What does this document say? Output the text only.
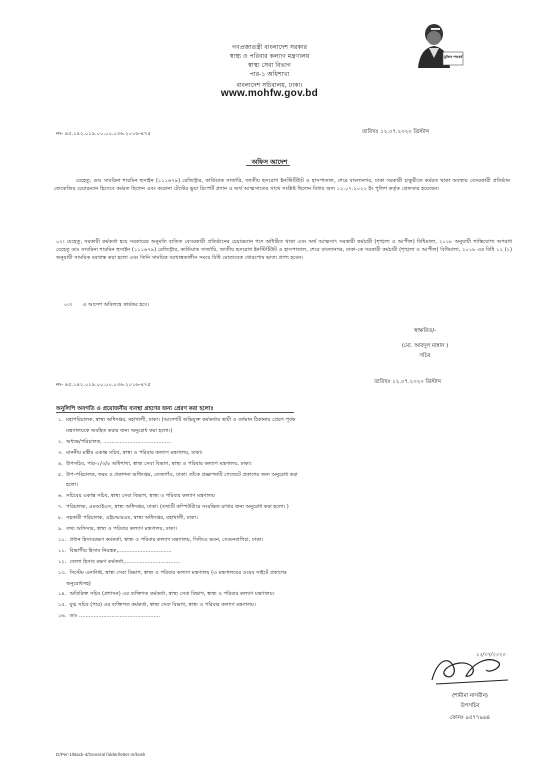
গণপ্রজাতন্ত্রী বাংলাদেশ সরকার
স্বাস্থ্য ও পরিবার কল্যাণ মন্ত্রণালয়
স্বাস্থ্য সেবা বিভাগ
পার-১ অধিশাখা
বাংলাদেশ সচিবালয়, ঢাকা।
www.mohfw.gov.bd
মুজিব শতবর্ষ
নং- ৪৫.১৪২.০১৯.০০.০০.০৩৬.২০১৬-৪৭৫	তারিখঃ ১২.০৭.২০২০ খ্রিস্টাব্দ
অফিস আদেশ
যেহেতু, ডাঃ সাবরিনা শারমিন হুসাইন (১১১৬৭৯) রেজিস্ট্রার, কার্ডিয়াক সার্জারি, জাতীয় হৃদরোগ ইনস্টিটিউট ও হাসপাতাল, শেরে বাংলানগর, ঢাকা সরকারী চাকুরীতে কর্মরত থাকা অবস্থায় বেসরকারী প্রতিষ্ঠান জেকেজির চেয়ারম্যান হিসেবে কর্মরত ছিলেন এবং করোনা টেস্টের ভুয়া রিপোর্ট প্রদান ও অর্থ আত্মসাতের সাথে সংশ্লিষ্ট ছিলেন বিধায় অদ্য ১২.০৭.২০২০ ইং পুলিশ কর্তৃক গ্রেফতার হয়েছেন।
০২। যেহেতু, সরকারী কর্মকর্তা হয়ে সরকারের অনুমতি ব্যতিত বেসরকারী প্রতিষ্ঠানের চেয়ারম্যান পদে অধিষ্ঠিত থাকা এবং অর্থ আত্মসাৎ সরকারী কর্মচারী (শৃঙ্খলা ও আপীল) বিধিমালা, ২০১৮ অনুযায়ী শাস্তিযোগ্য অপরাধ যেহেতু ডাঃ সাবরিনা শারমিন হুসাইন (১১১৬৭৯) রেজিস্ট্রার, কার্ডিয়াক সার্জারি, জাতীয় হৃদরোগ ইনস্টিটিউট ও হাসপাতাল, শেরে বাংলানগর, ঢাকা-কে সরকারী কর্মচারী (শৃঙ্খলা ও আপীল) বিধিমালা, ২০১৮ এর বিধি ১২ (১) অনুযায়ী সাময়িক বরখাস্ত করা হলো এবং তিনি সাময়িক বরখাস্তকালীন সময়ে বিধি মোতাবেক খোরপোষ ভাতা প্রাপ্য হবেন।
০৩।      এ আদেশ অবিলম্বে কার্যকর হবে।
স্বাক্ষরিত/-
(মো. আবদুল মান্নান )
সচিব
নং- ৪৫.১৪২.০১৯.০০.০০.০৩৬.২০১৬-৪৭৫	তারিখঃ ১২.০৭.২০২০ খ্রিস্টাব্দ
অনুলিপি অবগতি ও প্রয়োজনীয় ব্যবস্থা গ্রহণের জন্য প্রেরণ করা হলোঃ
১.  মহাপরিচালক, স্বাস্থ্য অধিদপ্তর, মহাখালী, ঢাকা। (আদেশটি অভিযুক্ত কর্মকর্তার স্থায়ী ও বর্তমান ঠিকানায় প্রেরণ পূর্বক
মন্ত্রণালয়কে অবহিত করার জন্য অনুরোধ করা হলো।)
২.  অধ্যক্ষ/পরিচালক, ..........................................
৩.  মাননীয় মন্ত্রীর একান্ত সচিব, স্বাস্থ্য ও পরিবার কল্যাণ মন্ত্রণালয়, ঢাকা।
৪.  উপসচিব, পার-২/৩/৪ অধিশাখা, স্বাস্থ্য সেবা বিভাগ, স্বাস্থ্য ও পরিবার কল্যাণ মন্ত্রণালয়, ঢাকা।
৫.  উপ-পরিচালক, ফরম ও প্রকাশনা অধিদপ্তর, তেজগাঁও, ঢাকা। তাঁকে প্রজ্ঞাপনটি গেজেটে প্রকাশের জন্য অনুরোধ করা
হলো।
৬.  সচিবের একান্ত সচিব, স্বাস্থ্য সেবা বিভাগ, স্বাস্থ্য ও পরিবার কল্যাণ মন্ত্রণালয়
৭.  পরিচালক, এমআইএস, স্বাস্থ্য অধিদপ্তর, ঢাকা। (তথ্যটি কম্পিউটারে সংরক্ষিত রাখার জন্য অনুরোধ করা হলো। )
৮.  সহকারী পরিচালক, এইচআরএম, স্বাস্থ্য অধিদপ্তর, মহাখালী, ঢাকা।
৯.  তথ্য অফিসার, স্বাস্থ্য ও পরিবার কল্যাণ মন্ত্রণালয়, ঢাকা।
১০.  প্রধান হিসাবরক্ষণ কর্মকর্তা, স্বাস্থ্য ও পরিবার কল্যাণ মন্ত্রণালয়, সিজিএ ভবন, সেগুনবাগিচা, ঢাকা।
১১.  বিভাগীয় হিসাব নিয়ন্ত্রক,.................................
১২.  জেলা হিসাব রক্ষণ কর্মকর্তা,..................................
১৩.  সিস্টেম এনালিষ্ট, স্বাস্থ্য সেবা বিভাগ, স্বাস্থ্য ও পরিবার কল্যাণ মন্ত্রণালয় (এ মন্ত্রণালয়ের ওয়েব সাইটে প্রকাশের
অনুরোধসহ)
১৪.  অতিরিক্ত সচিব (প্রশাসন) এর ব্যক্তিগত কর্মকর্তা, স্বাস্থ্য সেবা বিভাগ, স্বাস্থ্য ও পরিবার কল্যাণ মন্ত্রণালয়।
১৫.  যুগ্ম সচিব (পার) এর ব্যক্তিগত কর্মকর্তা, স্বাস্থ্য সেবা বিভাগ, স্বাস্থ্য ও পরিবার কল্যাণ মন্ত্রণালয়।
১৬.  ডাঃ ..................................................
১২/০৭/২০২০
(শামীমা নাসরীন)
উপসচিব
ফোনঃ ৯৫৭৭৯৬৪
D/Per-1/Back-4/General folder/letter m/kosh
